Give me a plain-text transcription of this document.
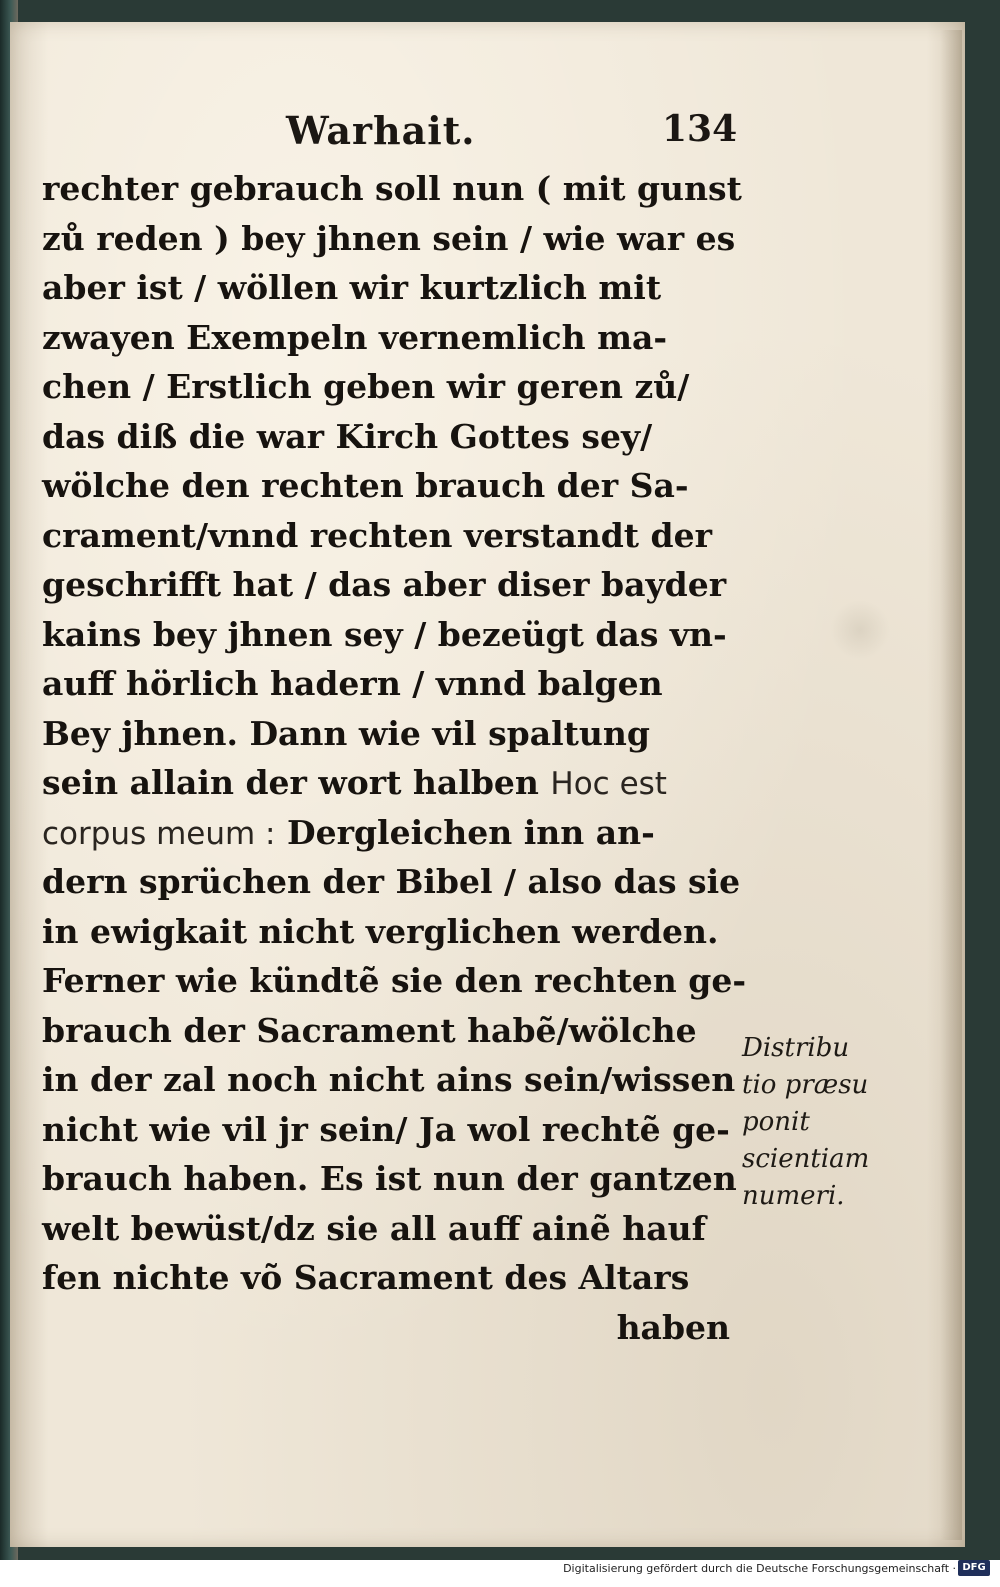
Warhait.	134
rechter gebrauch soll nun ( mit gunst
zů reden ) bey jhnen sein / wie war es
aber ist / wöllen wir kurtzlich mit
zwayen Exempeln vernemlich ma-
chen / Erstlich geben wir geren zů/
das diß die war Kirch Gottes sey/
wölche den rechten brauch der Sa-
crament/vnnd rechten verstandt der
geschrifft hat / das aber diser bayder
kains bey jhnen sey / bezeügt das vn-
auff hörlich hadern / vnnd balgen
Bey jhnen. Dann wie vil spaltung
sein allain der wort halben Hoc est
corpus meum : Dergleichen inn an-
dern sprüchen der Bibel / also das sie
in ewigkait nicht verglichen werden.
Ferner wie kündtẽ sie den rechten ge-
brauch der Sacrament habẽ/wölche
in der zal noch nicht ains sein/wissen
nicht wie vil jr sein/ Ja wol rechtẽ ge-
brauch haben. Es ist nun der gantzen
welt bewüst/dz sie all auff ainẽ hauf
fen nichte võ Sacrament des Altars
haben
Distribu
tio præsu
ponit
scientiam
numeri.
Digitalisierung gefördert durch die Deutsche Forschungsgemeinschaft · DFG
